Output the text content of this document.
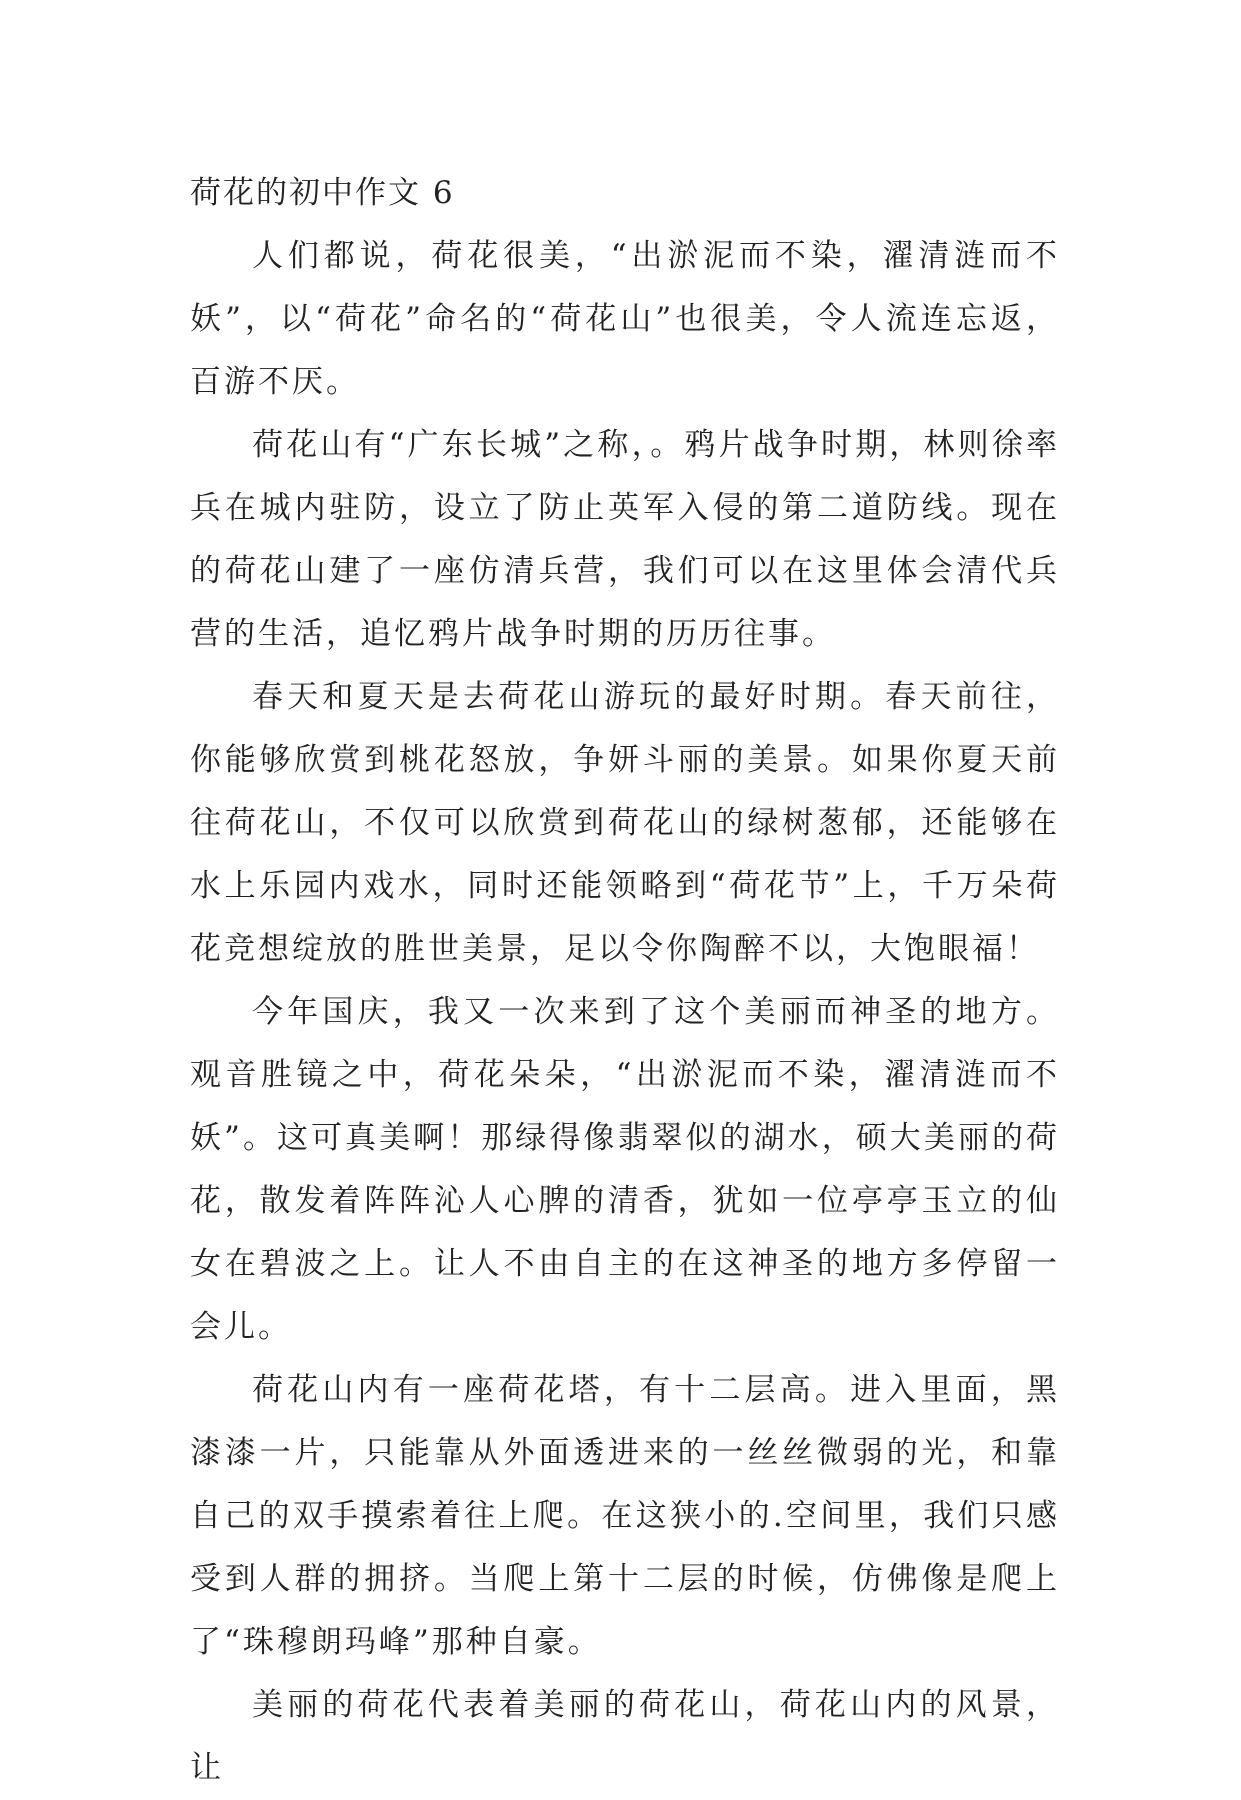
荷花的初中作文 6

人们都说，荷花很美，“出淤泥而不染，濯清涟而不妖”，以“荷花”命名的“荷花山”也很美，令人流连忘返，百游不厌。

荷花山有“广东长城”之称，。鸦片战争时期，林则徐率兵在城内驻防，设立了防止英军入侵的第二道防线。现在的荷花山建了一座仿清兵营，我们可以在这里体会清代兵营的生活，追忆鸦片战争时期的历历往事。

春天和夏天是去荷花山游玩的最好时期。春天前往，你能够欣赏到桃花怒放，争妍斗丽的美景。如果你夏天前往荷花山，不仅可以欣赏到荷花山的绿树葱郁，还能够在水上乐园内戏水，同时还能领略到“荷花节”上，千万朵荷花竞想绽放的胜世美景，足以令你陶醉不以，大饱眼福！

今年国庆，我又一次来到了这个美丽而神圣的地方。观音胜镜之中，荷花朵朵，“出淤泥而不染，濯清涟而不妖”。这可真美啊！那绿得像翡翠似的湖水，硕大美丽的荷花，散发着阵阵沁人心脾的清香，犹如一位亭亭玉立的仙女在碧波之上。让人不由自主的在这神圣的地方多停留一会儿。

荷花山内有一座荷花塔，有十二层高。进入里面，黑漆漆一片，只能靠从外面透进来的一丝丝微弱的光，和靠自己的双手摸索着往上爬。在这狭小的.空间里，我们只感受到人群的拥挤。当爬上第十二层的时候，仿佛像是爬上了“珠穆朗玛峰”那种自豪。

美丽的荷花代表着美丽的荷花山，荷花山内的风景，让
